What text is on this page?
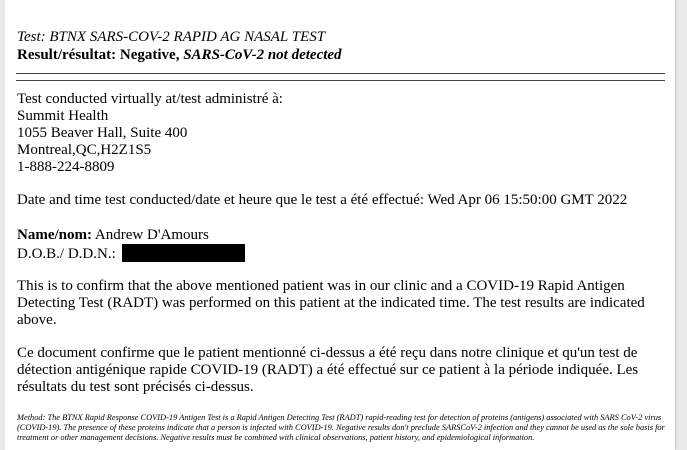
Test: BTNX SARS-COV-2 RAPID AG NASAL TEST
Result/résultat: Negative, SARS-CoV-2 not detected
Test conducted virtually at/test administré à:
Summit Health
1055 Beaver Hall, Suite 400
Montreal,QC,H2Z1S5
1-888-224-8809
Date and time test conducted/date et heure que le test a été effectué: Wed Apr 06 15:50:00 GMT 2022
Name/nom: Andrew D'Amours
D.O.B./ D.D.N.:
This is to confirm that the above mentioned patient was in our clinic and a COVID-19 Rapid Antigen Detecting Test (RADT) was performed on this patient at the indicated time. The test results are indicated above.
Ce document confirme que le patient mentionné ci-dessus a été reçu dans notre clinique et qu'un test de détection antigénique rapide COVID-19 (RADT) a été effectué sur ce patient à la période indiquée. Les résultats du test sont précisés ci-dessus.
Method: The BTNX Rapid Response COVID-19 Antigen Test is a Rapid Antigen Detecting Test (RADT) rapid-reading test for detection of proteins (antigens) associated with SARS CoV-2 virus (COVID-19). The presence of these proteins indicate that a person is infected with COVID-19. Negative results don't preclude SARSCoV-2 infection and they cannot be used as the sole basis for treatment or other management decisions. Negative results must be combined with clinical observations, patient history, and epidemiological information.
